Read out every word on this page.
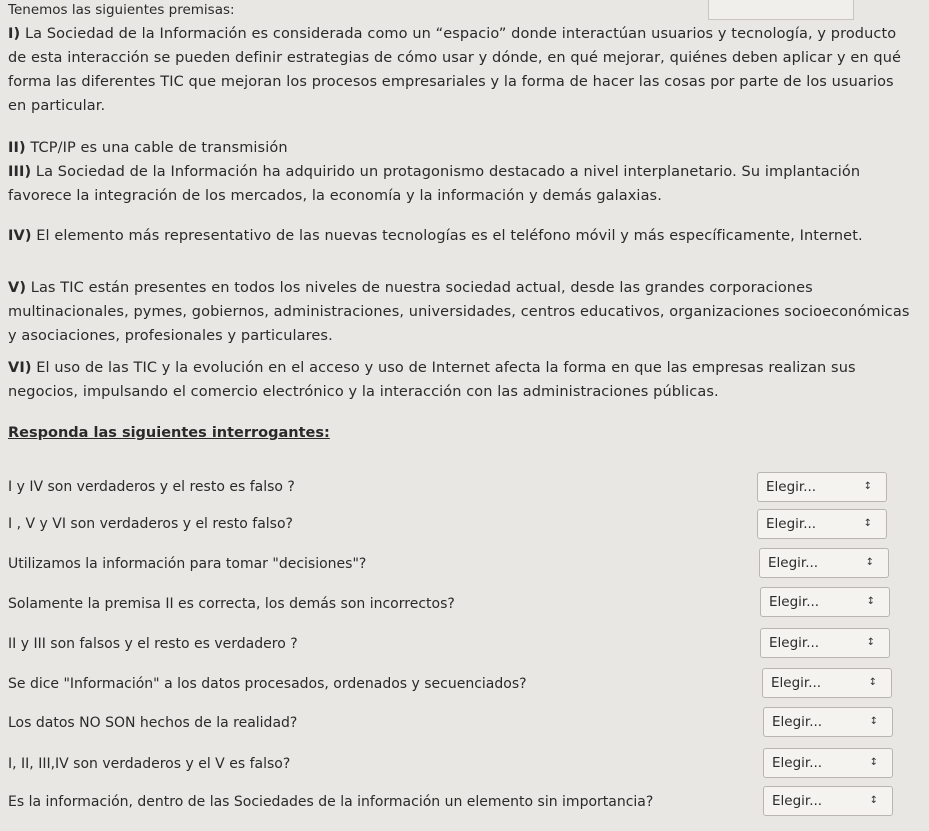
Tenemos las siguientes premisas:
I) La Sociedad de la Información es considerada como un “espacio” donde interactúan usuarios y tecnología, y producto de esta interacción se pueden definir estrategias de cómo usar y dónde, en qué mejorar, quiénes deben aplicar y en qué forma las diferentes TIC que mejoran los procesos empresariales y la forma de hacer las cosas por parte de los usuarios en particular.
II) TCP/IP es una cable de transmisión
III) La Sociedad de la Información ha adquirido un protagonismo destacado a nivel interplanetario. Su implantación favorece la integración de los mercados, la economía y la información y demás galaxias.
IV) El elemento más representativo de las nuevas tecnologías es el teléfono móvil y más específicamente, Internet.
V) Las TIC están presentes en todos los niveles de nuestra sociedad actual, desde las grandes corporaciones multinacionales, pymes, gobiernos, administraciones, universidades, centros educativos, organizaciones socioeconómicas y asociaciones, profesionales y particulares.
VI) El uso de las TIC y la evolución en el acceso y uso de Internet afecta la forma en que las empresas realizan sus negocios, impulsando el comercio electrónico y la interacción con las administraciones públicas.
Responda las siguientes interrogantes:
I y IV son verdaderos y el resto es falso ?	Elegir...	↕
I , V y VI son verdaderos y el resto falso?	Elegir...	↕
Utilizamos la información para tomar "decisiones"?	Elegir...	↕
Solamente la premisa II es correcta, los demás son incorrectos?	Elegir...	↕
II y III son falsos y el resto es verdadero ?	Elegir...	↕
Se dice "Información" a los datos procesados, ordenados y secuenciados?	Elegir...	↕
Los datos NO SON hechos de la realidad?	Elegir...	↕
I, II, III,IV son verdaderos y el V es falso?	Elegir...	↕
Es la información, dentro de las Sociedades de la información un elemento sin importancia?	Elegir...	↕
